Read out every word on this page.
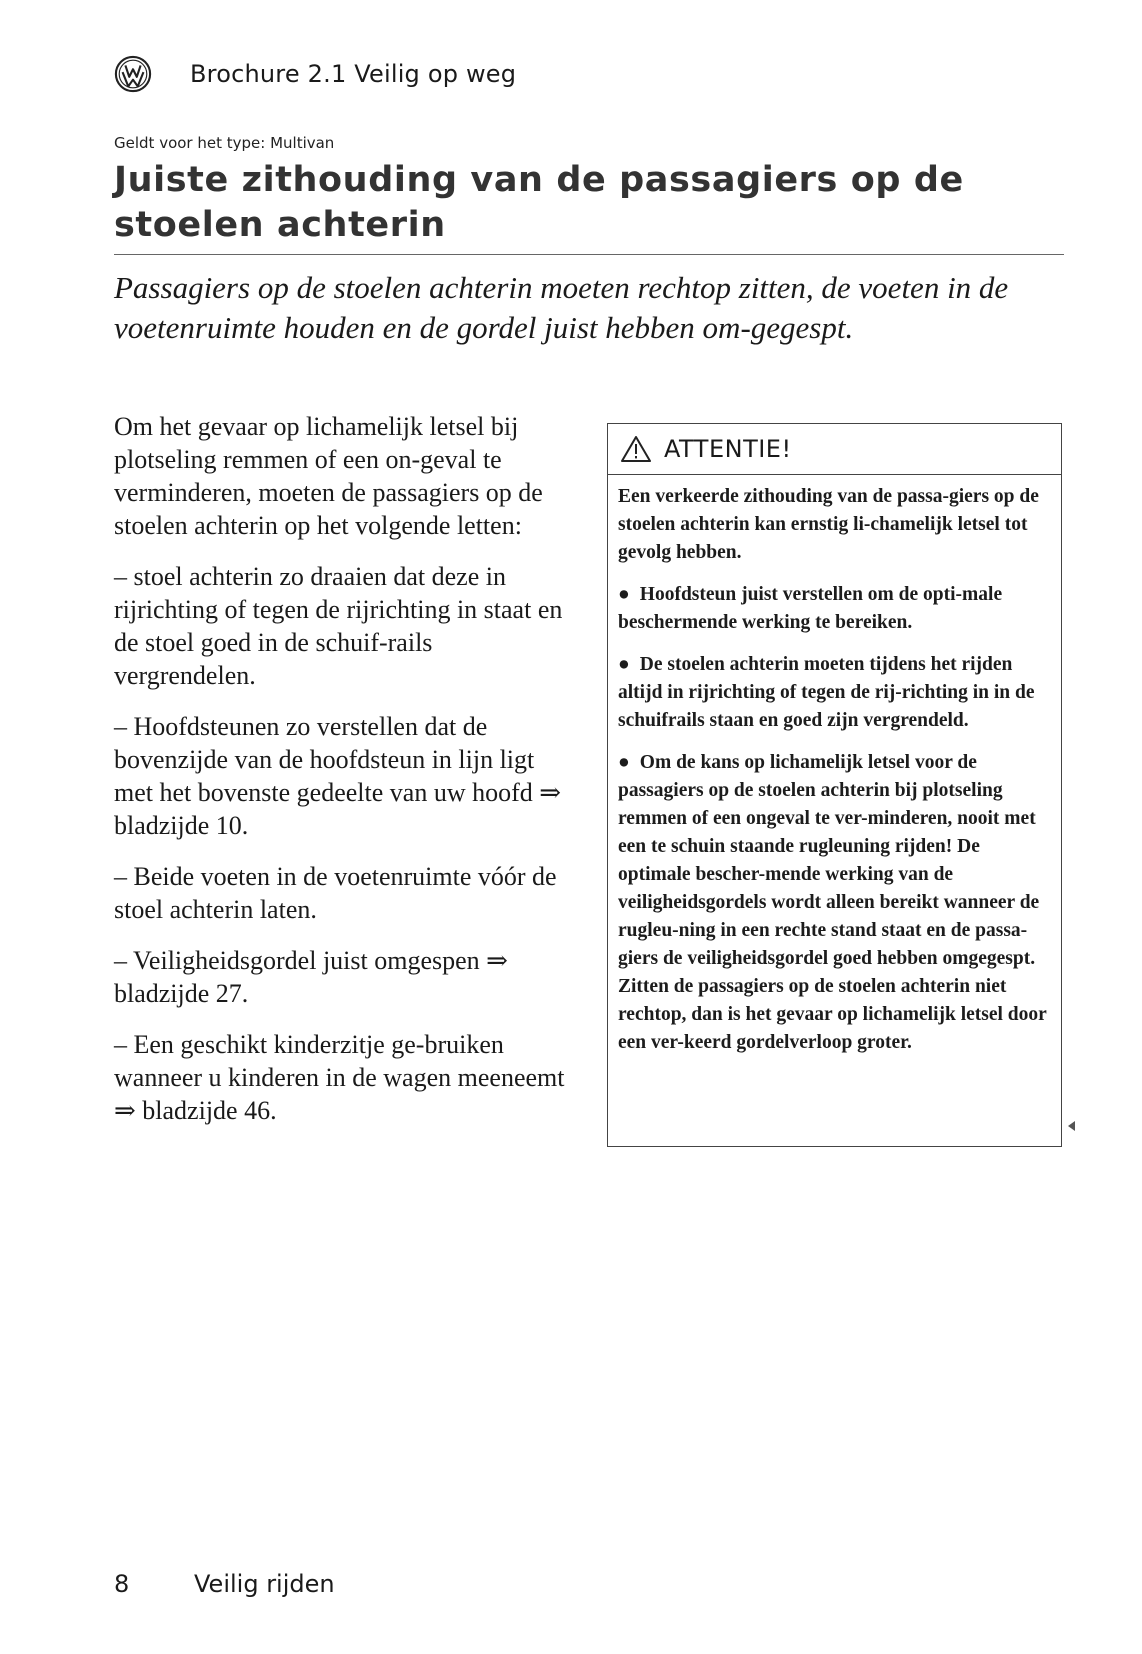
Brochure 2.1 Veilig op weg
Geldt voor het type: Multivan
Juiste zithouding van de passagiers op de stoelen achterin

Passagiers op de stoelen achterin moeten rechtop zitten, de voeten in de voetenruimte houden en de gordel juist hebben om-gegespt.

Om het gevaar op lichamelijk letsel bij plotseling remmen of een on-geval te verminderen, moeten de passagiers op de stoelen achterin op het volgende letten:

– stoel achterin zo draaien dat deze in rijrichting of tegen de rijrichting in staat en de stoel goed in de schuif-rails vergrendelen.

– Hoofdsteunen zo verstellen dat de bovenzijde van de hoofdsteun in lijn ligt met het bovenste gedeelte van uw hoofd ⇒ bladzijde 10.

– Beide voeten in de voetenruimte vóór de stoel achterin laten.

– Veiligheidsgordel juist omgespen ⇒ bladzijde 27.

– Een geschikt kinderzitje ge-bruiken wanneer u kinderen in de wagen meeneemt ⇒ bladzijde 46.

ATTENTIE!

Een verkeerde zithouding van de passa-giers op de stoelen achterin kan ernstig li-chamelijk letsel tot gevolg hebben.

● Hoofdsteun juist verstellen om de opti-male beschermende werking te bereiken.

● De stoelen achterin moeten tijdens het rijden altijd in rijrichting of tegen de rij-richting in in de schuifrails staan en goed zijn vergrendeld.

● Om de kans op lichamelijk letsel voor de passagiers op de stoelen achterin bij plotseling remmen of een ongeval te ver-minderen, nooit met een te schuin staande rugleuning rijden! De optimale bescher-mende werking van de veiligheidsgordels wordt alleen bereikt wanneer de rugleu-ning in een rechte stand staat en de passa-giers de veiligheidsgordel goed hebben omgegespt. Zitten de passagiers op de stoelen achterin niet rechtop, dan is het gevaar op lichamelijk letsel door een ver-keerd gordelverloop groter.

8	Veilig rijden
